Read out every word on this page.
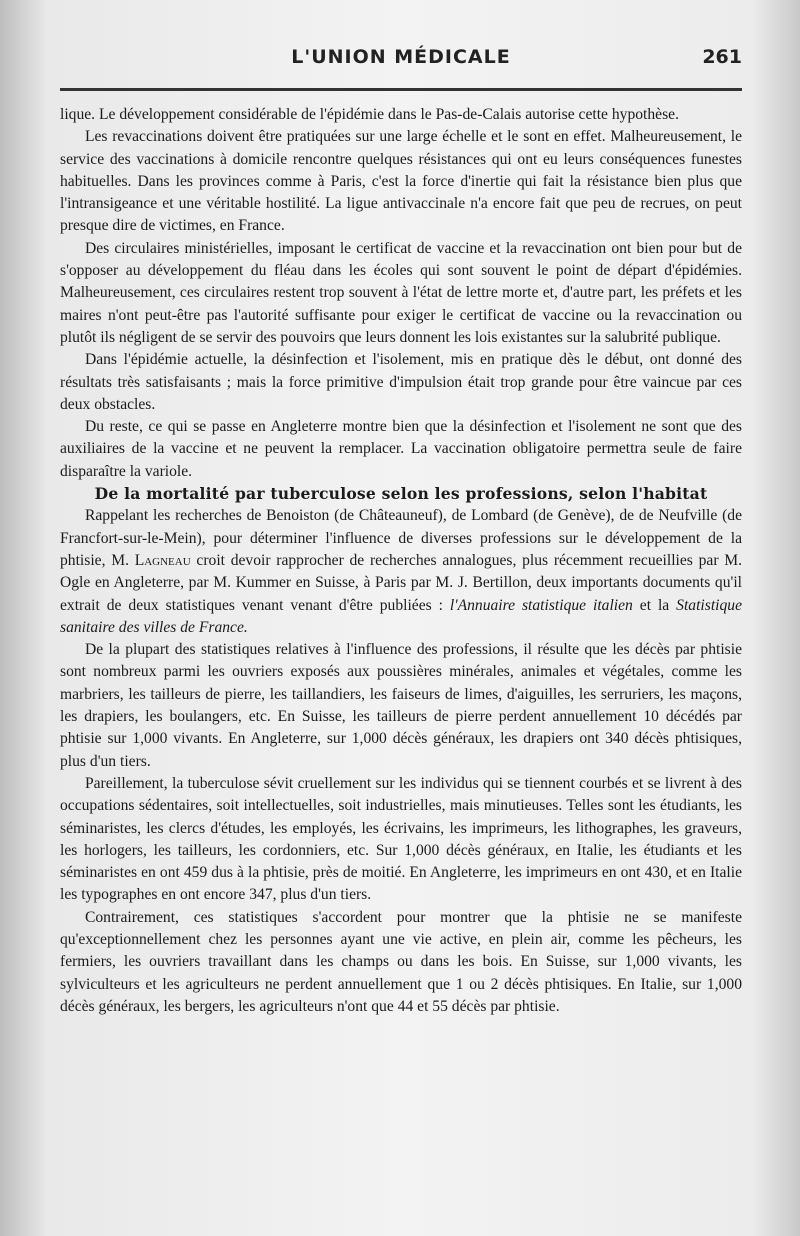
L'UNION MÉDICALE	261

lique. Le développement considérable de l'épidémie dans le Pas-de-Calais autorise cette hypothèse.

Les revaccinations doivent être pratiquées sur une large échelle et le sont en effet. Malheureusement, le service des vaccinations à domicile rencontre quelques résistances qui ont eu leurs conséquences funestes habituelles. Dans les provinces comme à Paris, c'est la force d'inertie qui fait la résistance bien plus que l'intransigeance et une véritable hostilité. La ligue antivaccinale n'a encore fait que peu de recrues, on peut presque dire de victimes, en France.

Des circulaires ministérielles, imposant le certificat de vaccine et la revaccination ont bien pour but de s'opposer au développement du fléau dans les écoles qui sont souvent le point de départ d'épidémies. Malheureusement, ces circulaires restent trop souvent à l'état de lettre morte et, d'autre part, les préfets et les maires n'ont peut-être pas l'autorité suffisante pour exiger le certificat de vaccine ou la revaccination ou plutôt ils négligent de se servir des pouvoirs que leurs donnent les lois existantes sur la salubrité publique.

Dans l'épidémie actuelle, la désinfection et l'isolement, mis en pratique dès le début, ont donné des résultats très satisfaisants ; mais la force primitive d'impulsion était trop grande pour être vaincue par ces deux obstacles.

Du reste, ce qui se passe en Angleterre montre bien que la désinfection et l'isolement ne sont que des auxiliaires de la vaccine et ne peuvent la remplacer. La vaccination obligatoire permettra seule de faire disparaître la variole.

De la mortalité par tuberculose selon les professions, selon l'habitat

Rappelant les recherches de Benoiston (de Châteauneuf), de Lombard (de Genève), de de Neufville (de Francfort-sur-le-Mein), pour déterminer l'influence de diverses professions sur le développement de la phtisie, M. Lagneau croit devoir rapprocher de recherches annalogues, plus récemment recueillies par M. Ogle en Angleterre, par M. Kummer en Suisse, à Paris par M. J. Bertillon, deux importants documents qu'il extrait de deux statistiques venant venant d'être publiées : l'Annuaire statistique italien et la Statistique sanitaire des villes de France.

De la plupart des statistiques relatives à l'influence des professions, il résulte que les décès par phtisie sont nombreux parmi les ouvriers exposés aux poussières minérales, animales et végétales, comme les marbriers, les tailleurs de pierre, les taillandiers, les faiseurs de limes, d'aiguilles, les serruriers, les maçons, les drapiers, les boulangers, etc. En Suisse, les tailleurs de pierre perdent annuellement 10 décédés par phtisie sur 1,000 vivants. En Angleterre, sur 1,000 décès généraux, les drapiers ont 340 décès phtisiques, plus d'un tiers.

Pareillement, la tuberculose sévit cruellement sur les individus qui se tiennent courbés et se livrent à des occupations sédentaires, soit intellectuelles, soit industrielles, mais minutieuses. Telles sont les étudiants, les séminaristes, les clercs d'études, les employés, les écrivains, les imprimeurs, les lithographes, les graveurs, les horlogers, les tailleurs, les cordonniers, etc. Sur 1,000 décès généraux, en Italie, les étudiants et les séminaristes en ont 459 dus à la phtisie, près de moitié. En Angleterre, les imprimeurs en ont 430, et en Italie les typographes en ont encore 347, plus d'un tiers.

Contrairement, ces statistiques s'accordent pour montrer que la phtisie ne se manifeste qu'exceptionnellement chez les personnes ayant une vie active, en plein air, comme les pêcheurs, les fermiers, les ouvriers travaillant dans les champs ou dans les bois. En Suisse, sur 1,000 vivants, les sylviculteurs et les agriculteurs ne perdent annuellement que 1 ou 2 décès phtisiques. En Italie, sur 1,000 décès généraux, les bergers, les agriculteurs n'ont que 44 et 55 décès par phtisie.
